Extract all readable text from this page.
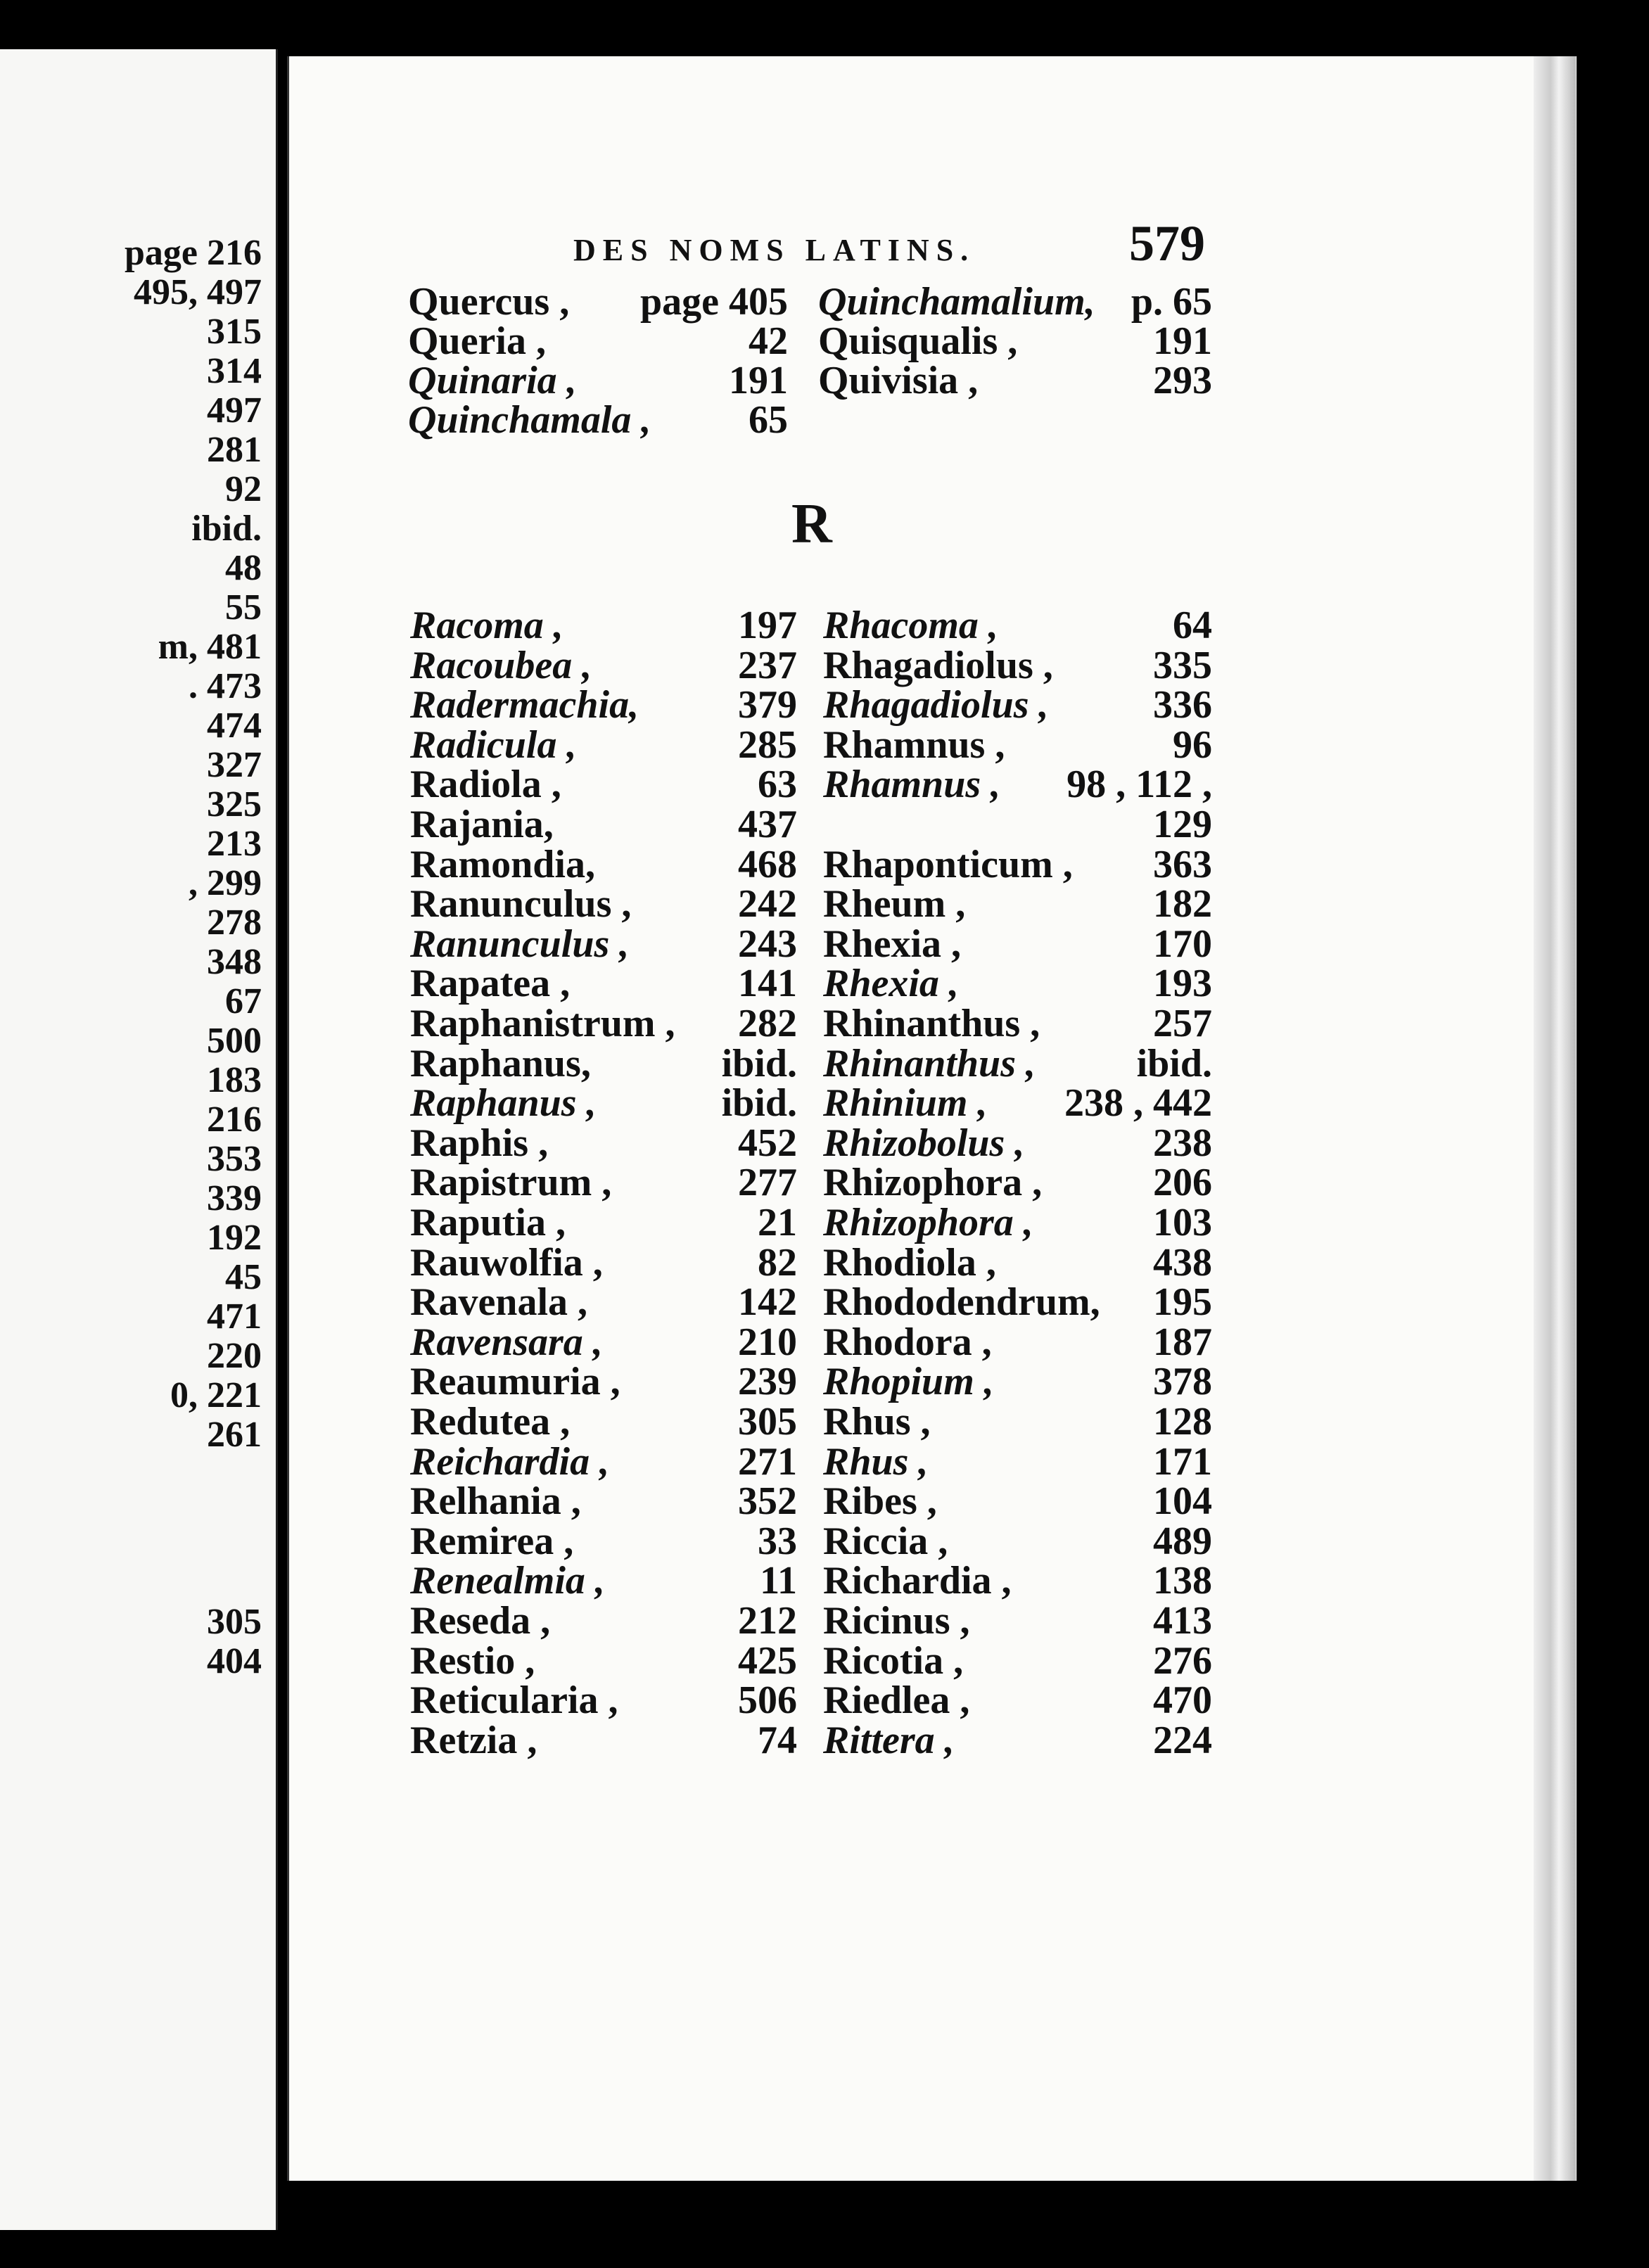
page 216
495, 497
315
314
497
281
92
ibid.
48
55
m, 481
. 473
474
327
325
213
, 299
278
348
67
500
183
216
353
339
192
45
471
220
0, 221
261
305
404
DES NOMS LATINS.	579
Quercus , page 405
Queria ,	42
Quinaria ,	191
Quinchamala , 65
Quinchamalium, p. 65
Quisqualis ,	191
Quivisia ,	293
R
Racoma ,	197
Racoubea ,	237
Radermachia,	379
Radicula ,	285
Radiola ,	63
Rajania,	437
Ramondia,	468
Ranunculus ,	242
Ranunculus ,	243
Rapatea ,	141
Raphanistrum , 282
Raphanus,	ibid.
Raphanus ,	ibid.
Raphis ,	452
Rapistrum ,	277
Raputia ,	21
Rauwolfia ,	82
Ravenala ,	142
Ravensara ,	210
Reaumuria ,	239
Redutea ,	305
Reichardia ,	271
Relhania ,	352
Remirea ,	33
Renealmia ,	11
Reseda ,	212
Restio ,	425
Reticularia ,	506
Retzia ,	74
Rhacoma ,	64
Rhagadiolus ,	335
Rhagadiolus ,	336
Rhamnus ,	96
Rhamnus , 98 , 112 ,
129
Rhaponticum , 363
Rheum ,	182
Rhexia ,	170
Rhexia ,	193
Rhinanthus ,	257
Rhinanthus ,	ibid.
Rhinium , 238 , 442
Rhizobolus ,	238
Rhizophora ,	206
Rhizophora ,	103
Rhodiola ,	438
Rhododendrum, 195
Rhodora ,	187
Rhopium ,	378
Rhus ,	128
Rhus ,	171
Ribes ,	104
Riccia ,	489
Richardia ,	138
Ricinus ,	413
Ricotia ,	276
Riedlea ,	470
Rittera ,	224
